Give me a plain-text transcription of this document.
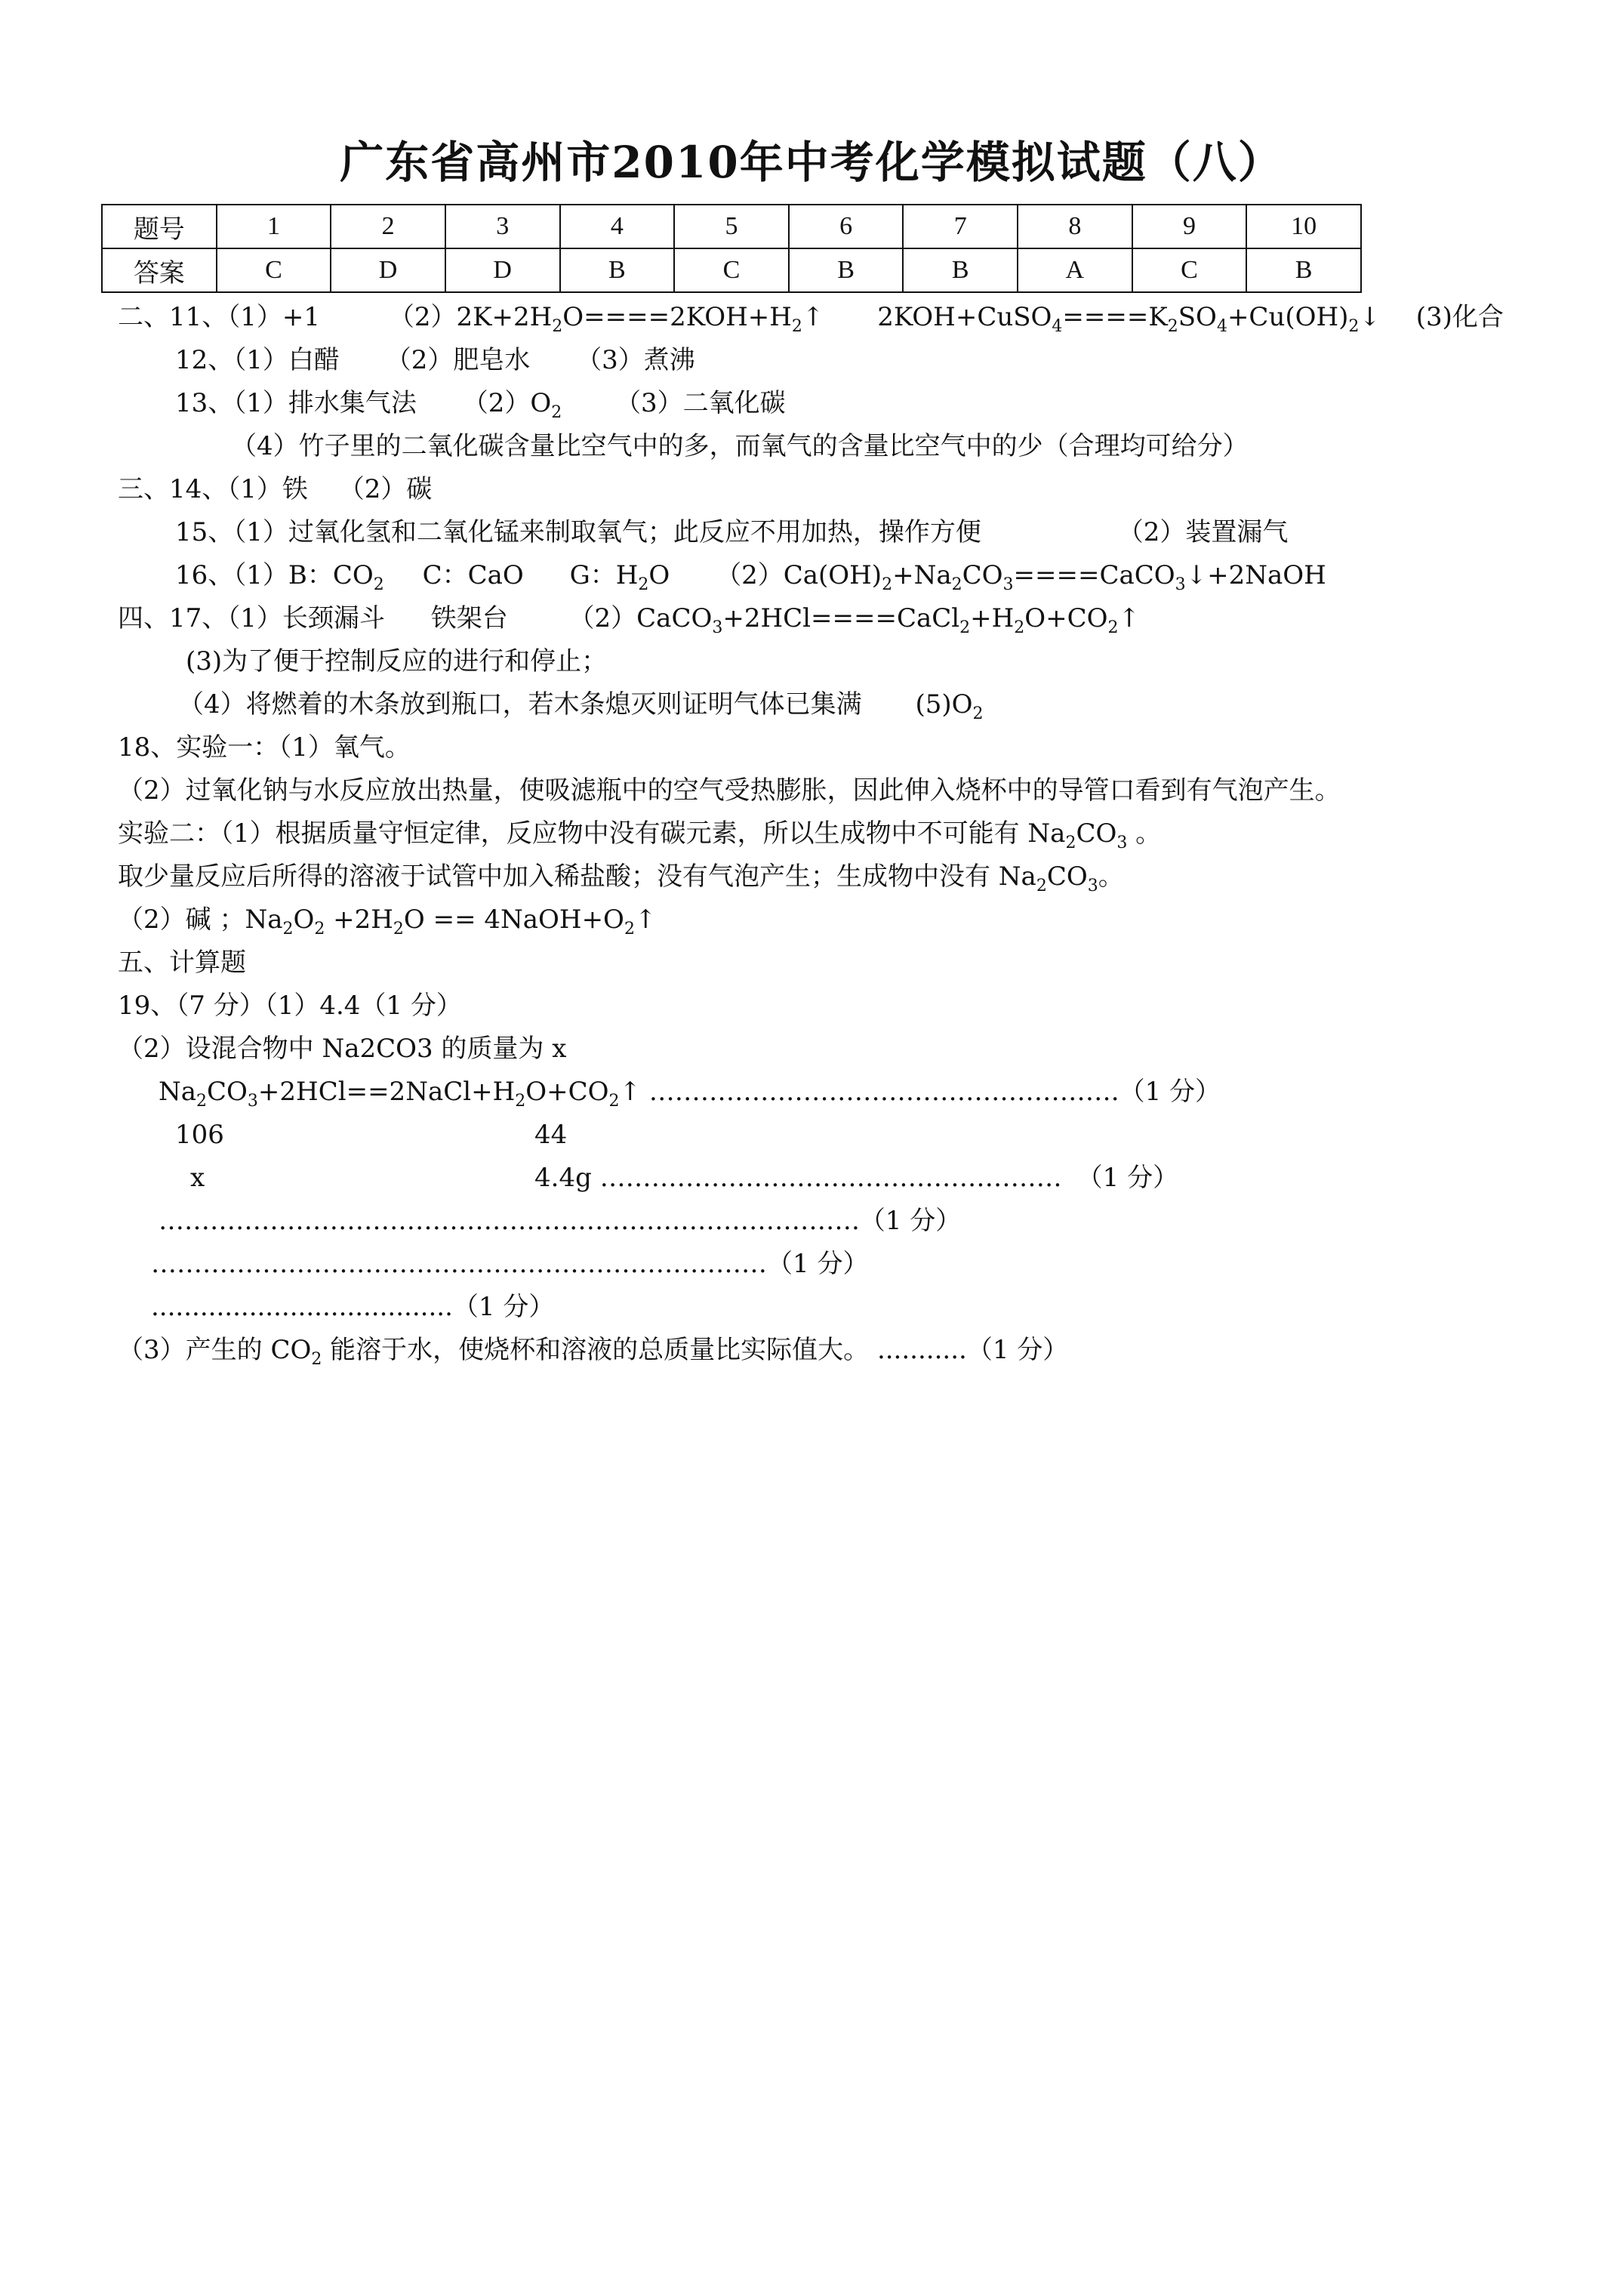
广东省高州市2010年中考化学模拟试题（八）
题号	1	2	3	4	5	6	7	8	9	10
答案	C	D	D	B	C	B	B	A	C	B
二、11、（1）+1	$(2)2K+2H_2O====2KOH+H_2↑$ $2KOH+CuSO_4====K_2SO_4+Cu(OH)_2↓$ (3)化合
12、（1）白醋 （2）肥皂水 （3）煮沸
13、（1）排水集气法 $(2)O_2$ （3）二氧化碳
（4）竹子里的二氧化碳含量比空气中的多，而氧气的含量比空气中的少（合理均可给分）
三、14、（1）铁 （2）碳
15、（1）过氧化氢和二氧化锰来制取氧气；此反应不用加热，操作方便	（2）装置漏气
16、（1）B：$CO_2$ C：CaO G：$H_2O$ $(2)Ca(OH)_2+Na_2CO_3====CaCO_3↓+2NaOH$
四、17、（1）长颈漏斗 铁架台 $(2)CaCO_3+2HCl====CaCl_2+H_2O+CO_2↑$
(3)为了便于控制反应的进行和停止；
（4）将燃着的木条放到瓶口，若木条熄灭则证明气体已集满 $(5)O_2$
18、实验一：（1）氧气。
（2）过氧化钠与水反应放出热量，使吸滤瓶中的空气受热膨胀，因此伸入烧杯中的导管口看到有气泡产生。
实验二：（1）根据质量守恒定律，反应物中没有碳元素，所以生成物中不可能有 $Na_2CO_3$ 。
取少量反应后所得的溶液于试管中加入稀盐酸；没有气泡产生；生成物中没有 $Na_2CO_3$。
（2）碱 ；$Na_2O_2 +2H_2O$ == $4NaOH+O_2↑$
五、计算题
19、（7 分）（1）4.4（1 分）
（2）设混合物中 Na2CO3 的质量为 x
$Na_2CO_3+2HCl==2NaCl+H_2O+CO_2↑$ ……………………………………………….（1 分）
106	44
x	4.4g ……………………………………………… （1 分）
……………………………………………………………………….（1 分）
………………………………………………………………（1 分）
.....................................（1 分）
（3）产生的 $CO_2$ 能溶于水，使烧杯和溶液的总质量比实际值大。 ...........（1 分）
